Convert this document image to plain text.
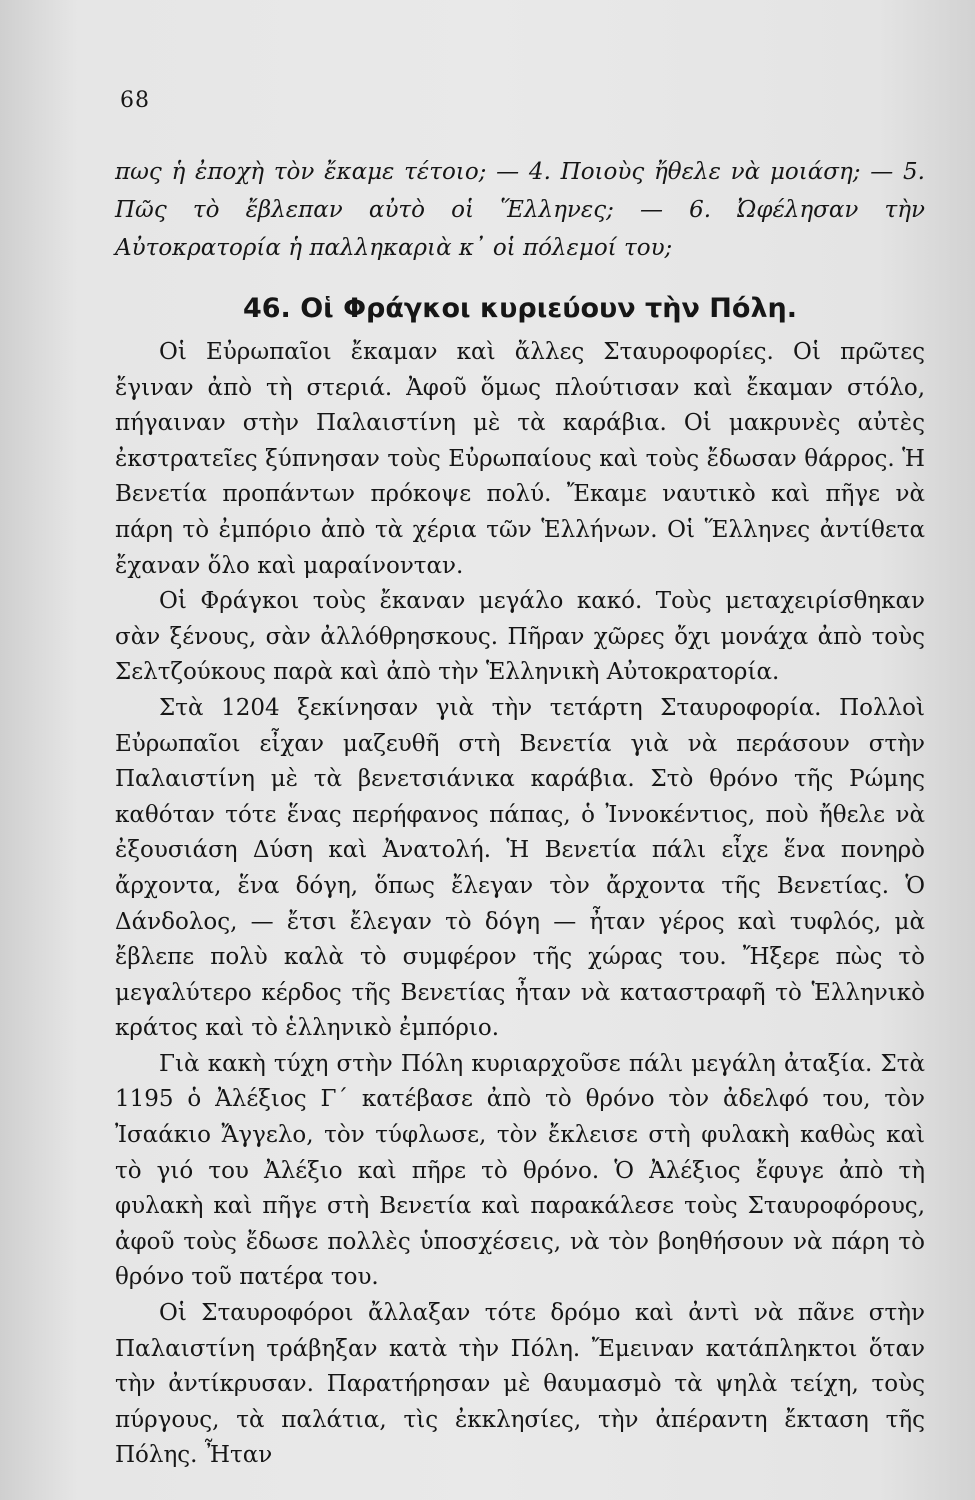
68

πως ἡ ἐποχὴ τὸν ἔκαμε τέτοιο; — 4. Ποιοὺς ἤθελε νὰ μοιάση; — 5. Πῶς τὸ ἔβλεπαν αὐτὸ οἱ Ἕλληνες; — 6. Ὠφέλησαν τὴν Αὐτοκρατορία ἡ παλληκαριὰ κ᾽ οἱ πόλεμοί του;

46. Οἱ Φράγκοι κυριεύουν τὴν Πόλη.

Οἱ Εὐρωπαῖοι ἔκαμαν καὶ ἄλλες Σταυροφορίες. Οἱ πρῶτες ἔγιναν ἀπὸ τὴ στεριά. Ἀφοῦ ὅμως πλούτισαν καὶ ἔκαμαν στόλο, πήγαιναν στὴν Παλαιστίνη μὲ τὰ καράβια. Οἱ μακρυνὲς αὐτὲς ἐκστρατεῖες ξύπνησαν τοὺς Εὐρωπαίους καὶ τοὺς ἔδωσαν θάρρος. Ἡ Βενετία προπάντων πρόκοψε πολύ. Ἔκαμε ναυτικὸ καὶ πῆγε νὰ πάρη τὸ ἐμπόριο ἀπὸ τὰ χέρια τῶν Ἑλλήνων. Οἱ Ἕλληνες ἀντίθετα ἔχαναν ὅλο καὶ μαραίνονταν.

Οἱ Φράγκοι τοὺς ἔκαναν μεγάλο κακό. Τοὺς μεταχειρίσθηκαν σὰν ξένους, σὰν ἀλλόθρησκους. Πῆραν χῶρες ὄχι μονάχα ἀπὸ τοὺς Σελτζούκους παρὰ καὶ ἀπὸ τὴν Ἑλληνικὴ Αὐτοκρατορία.

Στὰ 1204 ξεκίνησαν γιὰ τὴν τετάρτη Σταυροφορία. Πολλοὶ Εὐρωπαῖοι εἶχαν μαζευθῆ στὴ Βενετία γιὰ νὰ περάσουν στὴν Παλαιστίνη μὲ τὰ βενετσιάνικα καράβια. Στὸ θρόνο τῆς Ρώμης καθόταν τότε ἕνας περήφανος πάπας, ὁ Ἰννοκέντιος, ποὺ ἤθελε νὰ ἐξουσιάση Δύση καὶ Ἀνατολή. Ἡ Βενετία πάλι εἶχε ἕνα πονηρὸ ἄρχοντα, ἕνα δόγη, ὅπως ἔλεγαν τὸν ἄρχοντα τῆς Βενετίας. Ὁ Δάνδολος, — ἔτσι ἔλεγαν τὸ δόγη — ἦταν γέρος καὶ τυφλός, μὰ ἔβλεπε πολὺ καλὰ τὸ συμφέρον τῆς χώρας του. Ἤξερε πὼς τὸ μεγαλύτερο κέρδος τῆς Βενετίας ἦταν νὰ καταστραφῆ τὸ Ἑλληνικὸ κράτος καὶ τὸ ἑλληνικὸ ἐμπόριο.

Γιὰ κακὴ τύχη στὴν Πόλη κυριαρχοῦσε πάλι μεγάλη ἀταξία. Στὰ 1195 ὁ Ἀλέξιος Γ´ κατέβασε ἀπὸ τὸ θρόνο τὸν ἀδελφό του, τὸν Ἰσαάκιο Ἄγγελο, τὸν τύφλωσε, τὸν ἔκλεισε στὴ φυλακὴ καθὼς καὶ τὸ γιό του Ἀλέξιο καὶ πῆρε τὸ θρόνο. Ὁ Ἀλέξιος ἔφυγε ἀπὸ τὴ φυλακὴ καὶ πῆγε στὴ Βενετία καὶ παρακάλεσε τοὺς Σταυροφόρους, ἀφοῦ τοὺς ἔδωσε πολλὲς ὑποσχέσεις, νὰ τὸν βοηθήσουν νὰ πάρη τὸ θρόνο τοῦ πατέρα του.

Οἱ Σταυροφόροι ἄλλαξαν τότε δρόμο καὶ ἀντὶ νὰ πᾶνε στὴν Παλαιστίνη τράβηξαν κατὰ τὴν Πόλη. Ἔμειναν κατάπληκτοι ὅταν τὴν ἀντίκρυσαν. Παρατήρησαν μὲ θαυμασμὸ τὰ ψηλὰ τείχη, τοὺς πύργους, τὰ παλάτια, τὶς ἐκκλησίες, τὴν ἀπέραντη ἔκταση τῆς Πόλης. Ἦταν
